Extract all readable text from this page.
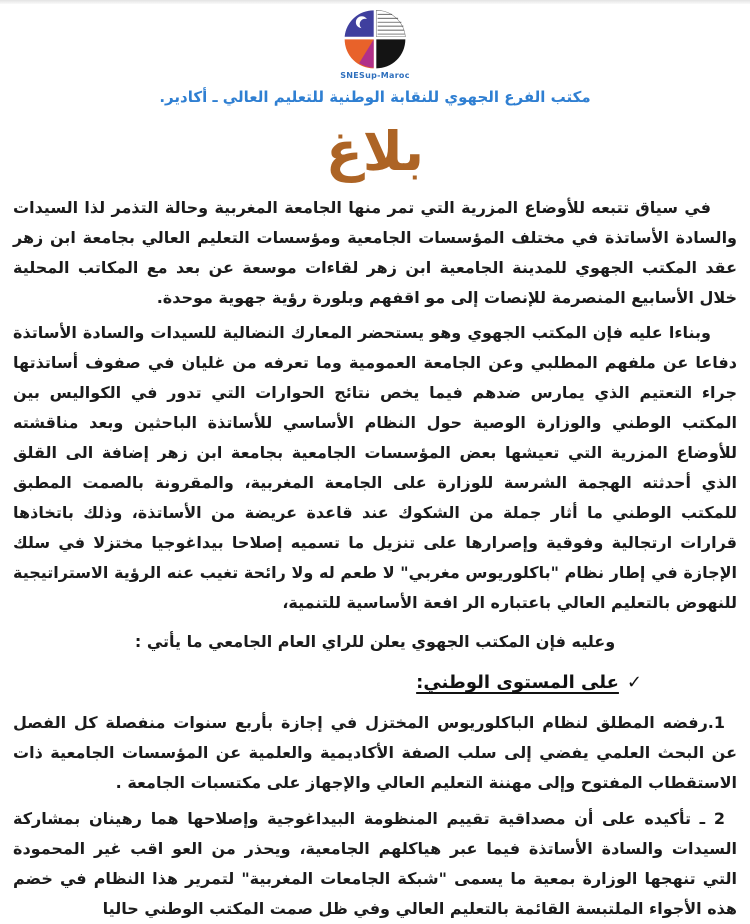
SNESup-Maroc
مكتب الفرع الجهوي للنقابة الوطنية للتعليم العالي ـ أكادير.
بلاغ
في سياق تتبعه للأوضاع المزرية التي تمر منها الجامعة المغربية وحالة التذمر لذا السيدات والسادة الأساتذة في مختلف المؤسسات الجامعية ومؤسسات التعليم العالي بجامعة ابن زهر عقد المكتب الجهوي للمدينة الجامعية ابن زهر لقاءات موسعة عن بعد مع المكاتب المحلية خلال الأسابيع المنصرمة للإنصات إلى مو اقفهم وبلورة رؤية جهوية موحدة.
وبناءا عليه فإن المكتب الجهوي وهو يستحضر المعارك النضالية للسيدات والسادة الأساتذة دفاعا عن ملفهم المطلبي وعن الجامعة العمومية وما تعرفه من غليان في صفوف أساتذتها جراء التعتيم الذي يمارس ضدهم فيما يخص نتائج الحوارات التي تدور في الكواليس بين المكتب الوطني والوزارة الوصية حول النظام الأساسي للأساتذة الباحثين وبعد مناقشته للأوضاع المزرية التي تعيشها بعض المؤسسات الجامعية بجامعة ابن زهر إضافة الى القلق الذي أحدثته الهجمة الشرسة للوزارة على الجامعة المغربية، والمقرونة بالصمت المطبق للمكتب الوطني ما أثار جملة من الشكوك عند قاعدة عريضة من الأساتذة، وذلك باتخاذها قرارات ارتجالية وفوقية وإصرارها على تنزيل ما تسميه إصلاحا بيداغوجيا مختزلا في سلك الإجازة في إطار نظام "باكلوريوس مغربي" لا طعم له ولا رائحة تغيب عنه الرؤية الاستراتيجية للنهوض بالتعليم العالي باعتباره الر افعة الأساسية للتنمية،
وعليه فإن المكتب الجهوي يعلن للراي العام الجامعي ما يأتي :
✓على المستوى الوطني:
1.رفضه المطلق لنظام الباكلوريوس المختزل في إجازة بأربع سنوات منفصلة كل الفصل عن البحث العلمي يفضي إلى سلب الصفة الأكاديمية والعلمية عن المؤسسات الجامعية ذات الاستقطاب المفتوح وإلى مهننة التعليم العالي والإجهاز على مكتسبات الجامعة .
2 ـ تأكيده على أن مصداقية تقييم المنظومة البيداغوجية وإصلاحها هما رهينان بمشاركة السيدات والسادة الأساتذة فيما عبر هياكلهم الجامعية، ويحذر من العو اقب غير المحمودة التي تنهجها الوزارة بمعية ما يسمى "شبكة الجامعات المغربية" لتمرير هذا النظام في خضم هذه الأجواء الملتبسة القائمة بالتعليم العالي وفي ظل صمت المكتب الوطني حاليا
